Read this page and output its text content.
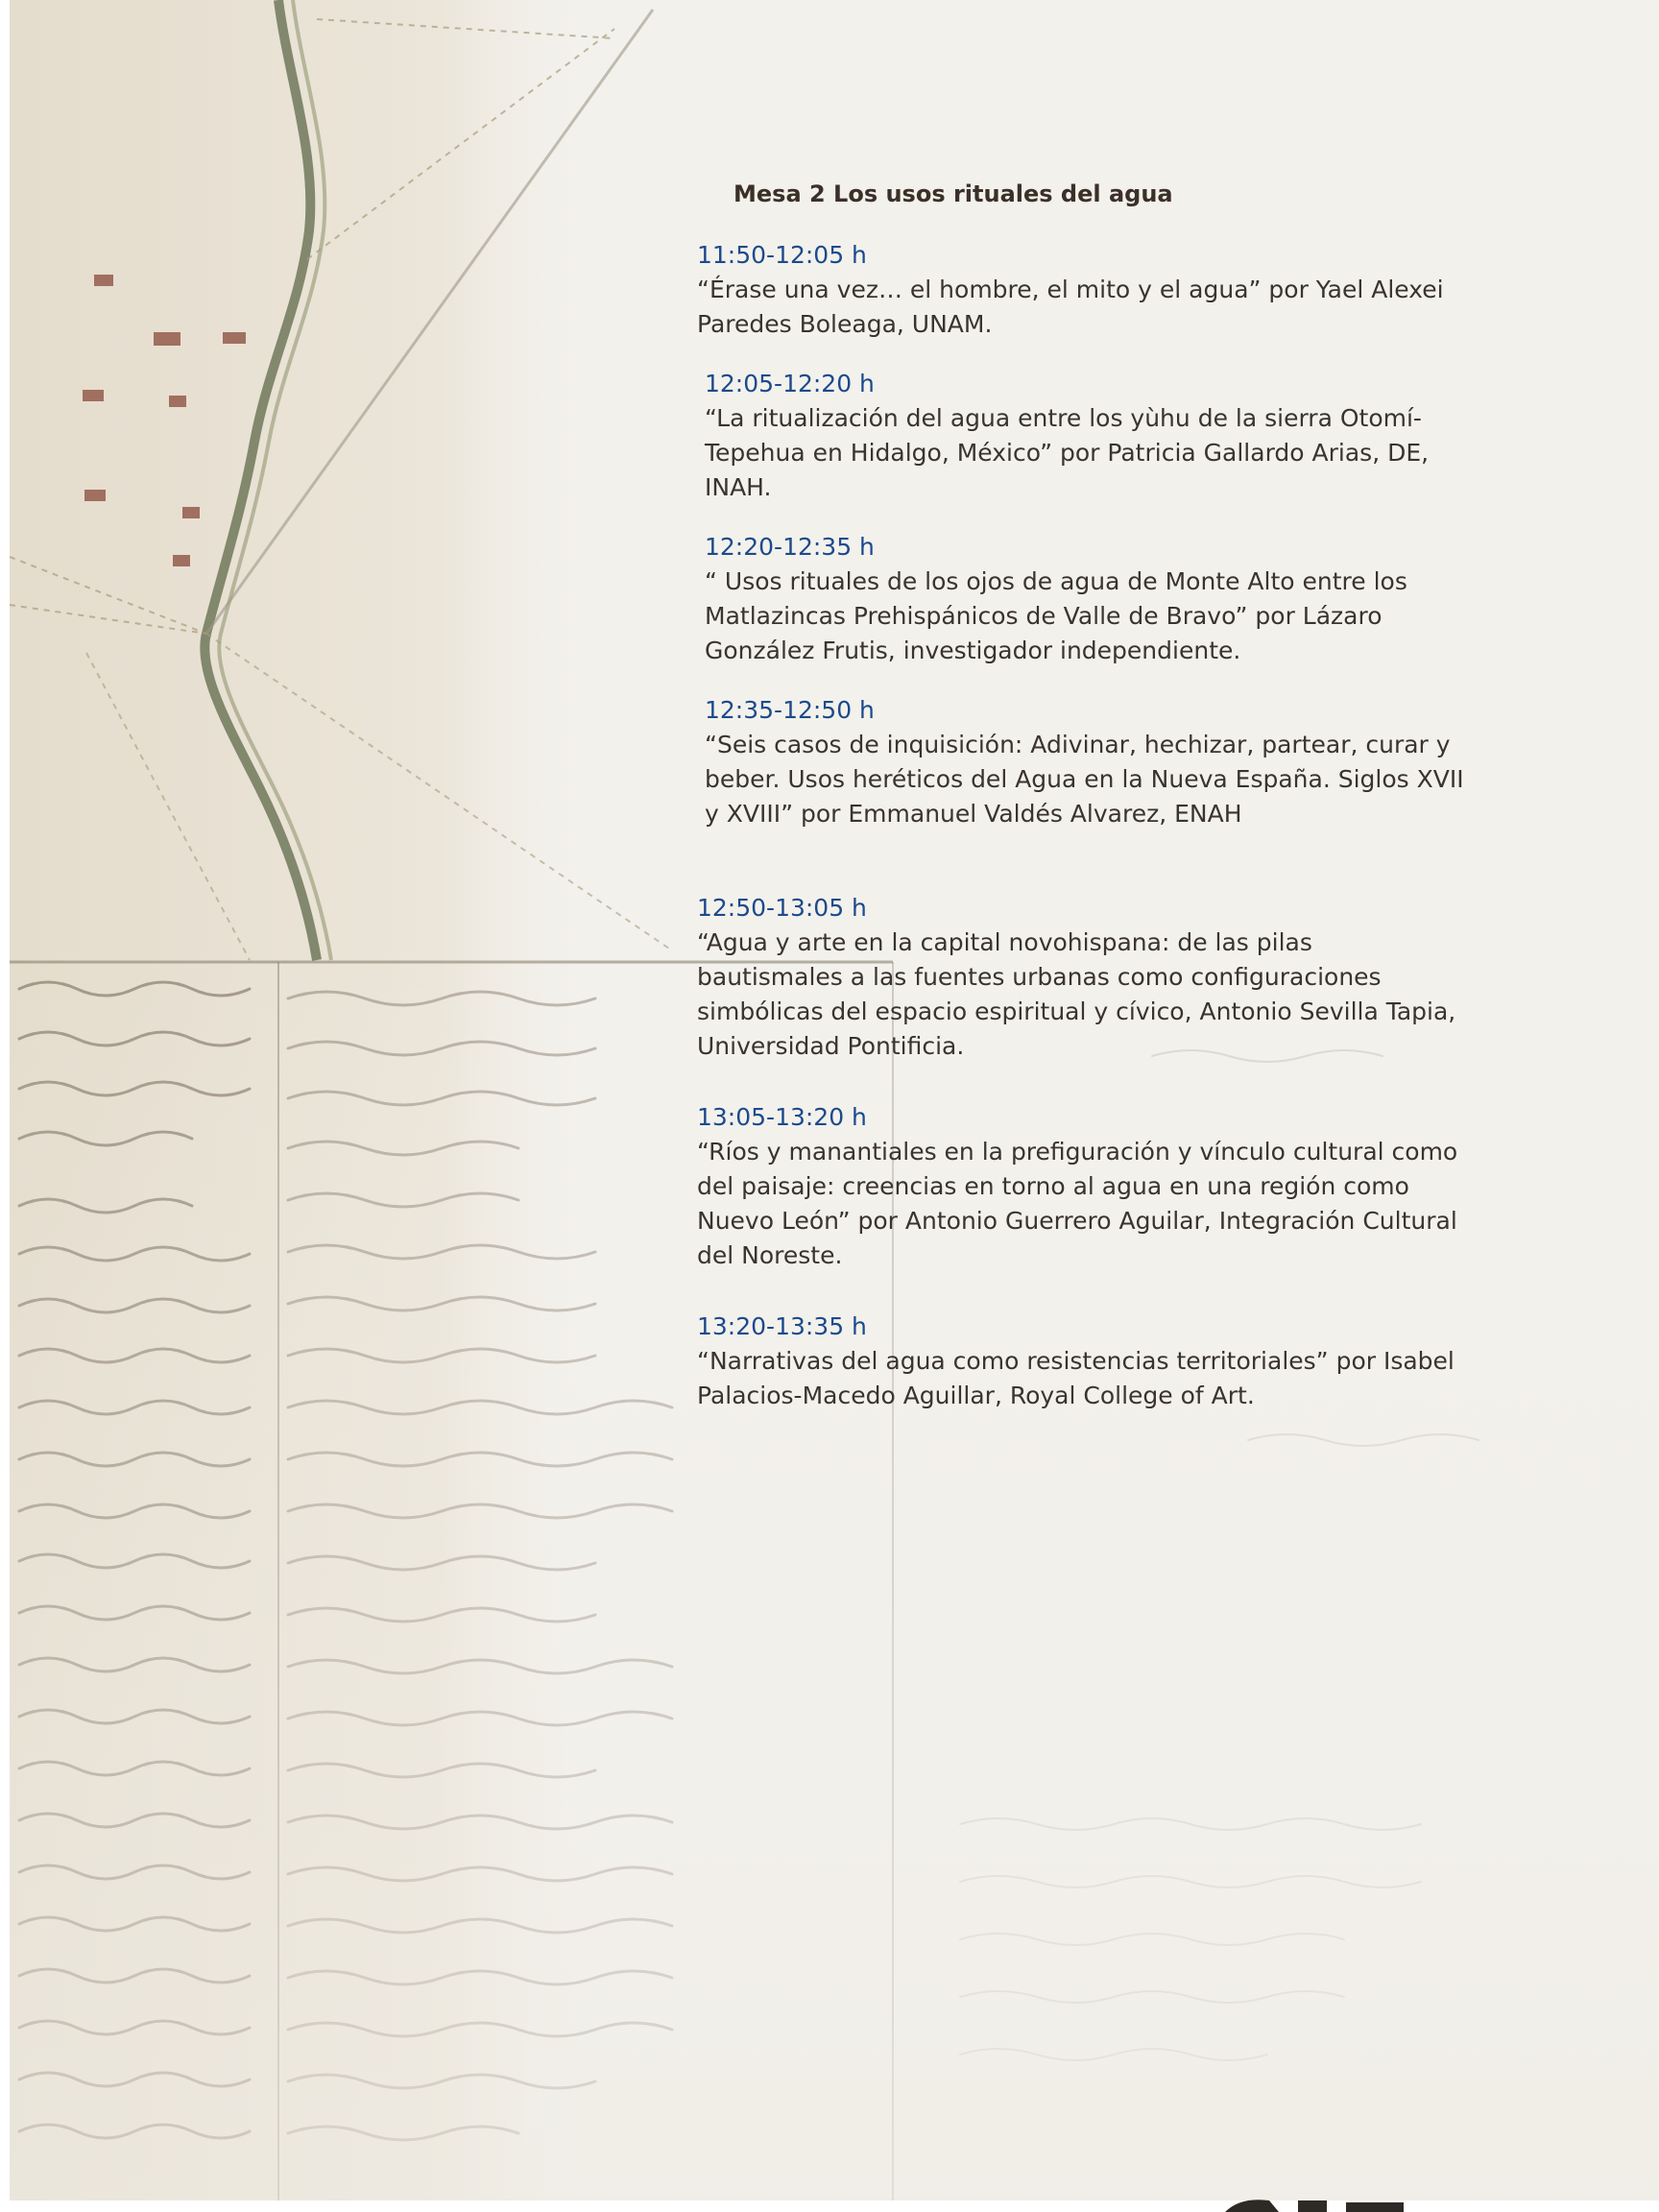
Mesa 2 Los usos rituales del agua
11:50-12:05 h
“Érase una vez… el hombre, el mito y el agua” por Yael Alexei Paredes Boleaga, UNAM.
12:05-12:20 h
“La ritualización del agua entre los yùhu de la sierra Otomí-Tepehua en Hidalgo, México” por Patricia Gallardo Arias, DE, INAH.
12:20-12:35 h
“ Usos rituales de los ojos de agua de Monte Alto entre los Matlazincas Prehispánicos de Valle de Bravo” por Lázaro González Frutis, investigador independiente.
12:35-12:50 h
“Seis casos de inquisición: Adivinar, hechizar, partear, curar y beber. Usos heréticos del Agua en la Nueva España. Siglos XVII y XVIII” por Emmanuel Valdés Alvarez, ENAH
12:50-13:05 h
“Agua y arte en la capital novohispana: de las pilas bautismales a las fuentes urbanas como configuraciones simbólicas del espacio espiritual y cívico, Antonio Sevilla Tapia, Universidad Pontificia.
13:05-13:20 h
“Ríos y manantiales en la prefiguración y vínculo cultural como del paisaje: creencias en torno al agua en una región como Nuevo León” por Antonio Guerrero Aguilar, Integración Cultural del Noreste.
13:20-13:35 h
“Narrativas del agua como resistencias territoriales” por Isabel Palacios-Macedo Aguillar, Royal College of Art.
